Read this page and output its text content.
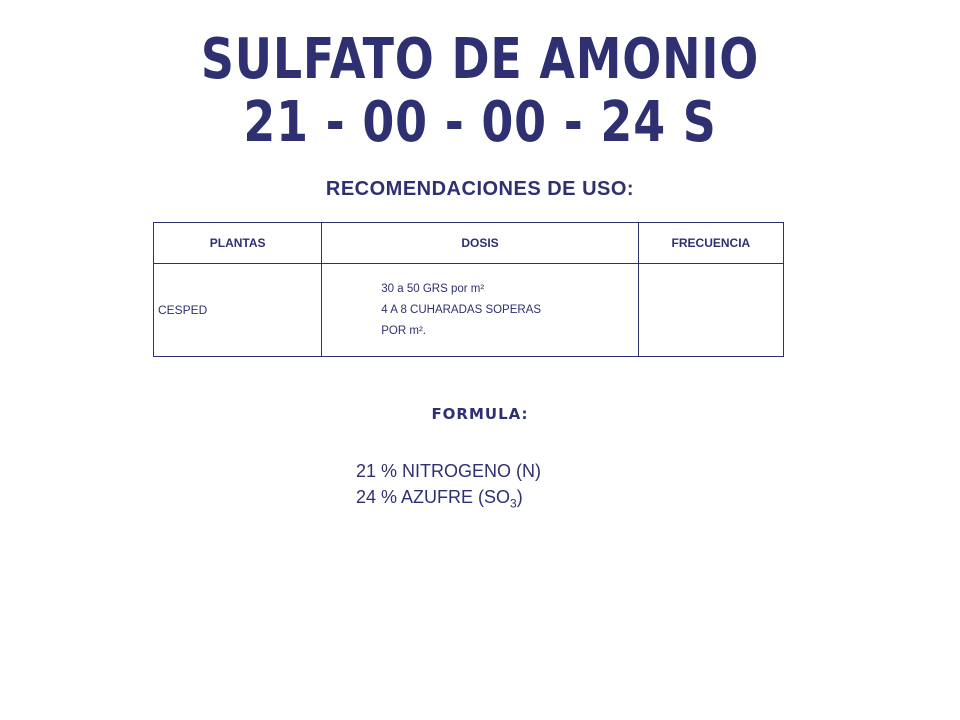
SULFATO DE AMONIO
21 - 00 - 00 - 24 S
RECOMENDACIONES DE USO:
PLANTAS	DOSIS	FRECUENCIA
CESPED	30 a 50 GRS por m²
4 A 8 CUHARADAS SOPERAS
POR m².	

FORMULA:
21 % NITROGENO (N)
24 % AZUFRE $(SO_3)$
